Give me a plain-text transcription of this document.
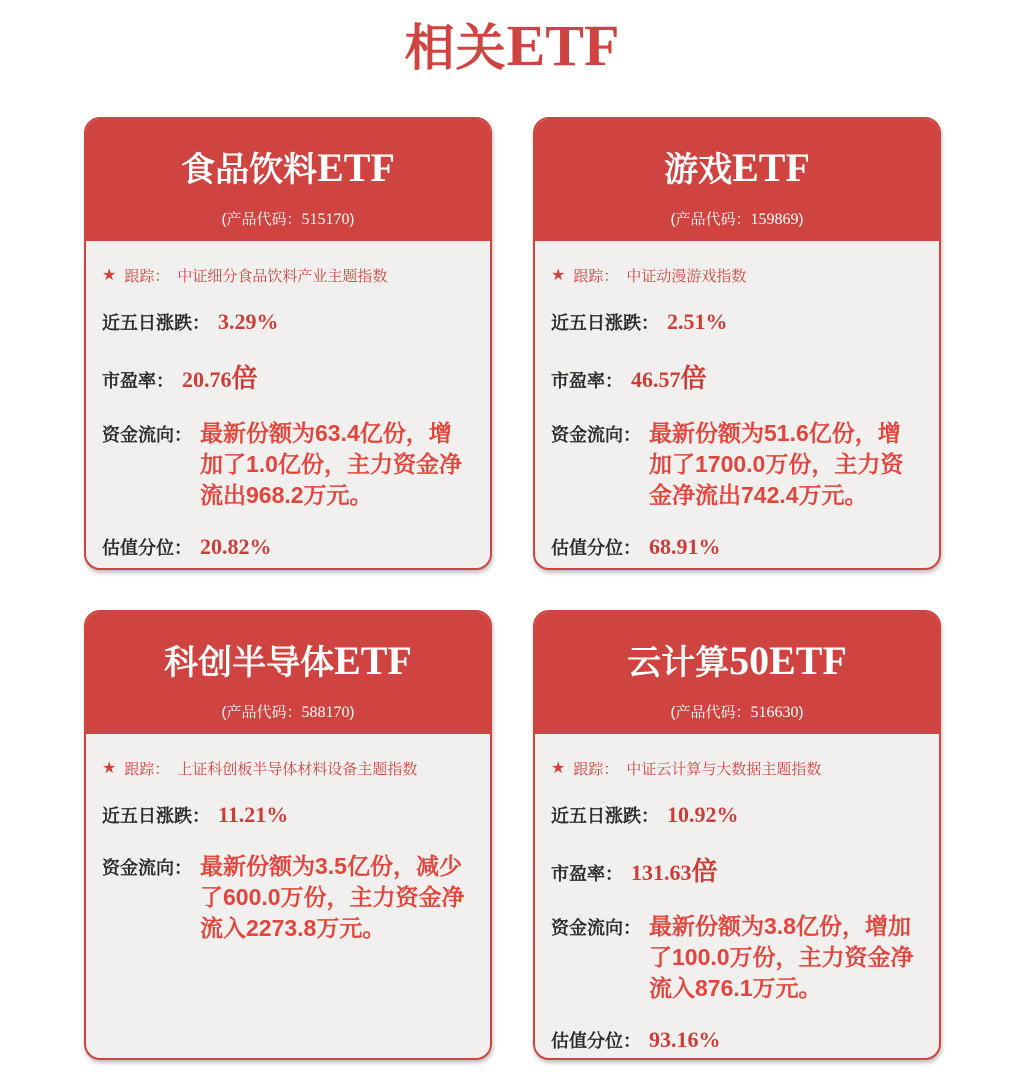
相关ETF
食品饮料ETF
(产品代码：515170)
★ 跟踪： 中证细分食品饮料产业主题指数
近五日涨跌： 3.29%
市盈率： 20.76 倍
资金流向： 最新份额为63.4亿份，增加了1.0亿份，主力资金净流出968.2万元。
估值分位： 20.82%
游戏ETF
(产品代码：159869)
★ 跟踪： 中证动漫游戏指数
近五日涨跌： 2.51%
市盈率： 46.57 倍
资金流向： 最新份额为51.6亿份，增加了1700.0万份，主力资金净流出742.4万元。
估值分位： 68.91%
科创半导体ETF
(产品代码：588170)
★ 跟踪： 上证科创板半导体材料设备主题指数
近五日涨跌： 11.21%
资金流向： 最新份额为3.5亿份，减少了600.0万份，主力资金净流入2273.8万元。
云计算50ETF
(产品代码：516630)
★ 跟踪： 中证云计算与大数据主题指数
近五日涨跌： 10.92%
市盈率： 131.63 倍
资金流向： 最新份额为3.8亿份，增加了100.0万份，主力资金净流入876.1万元。
估值分位： 93.16%
